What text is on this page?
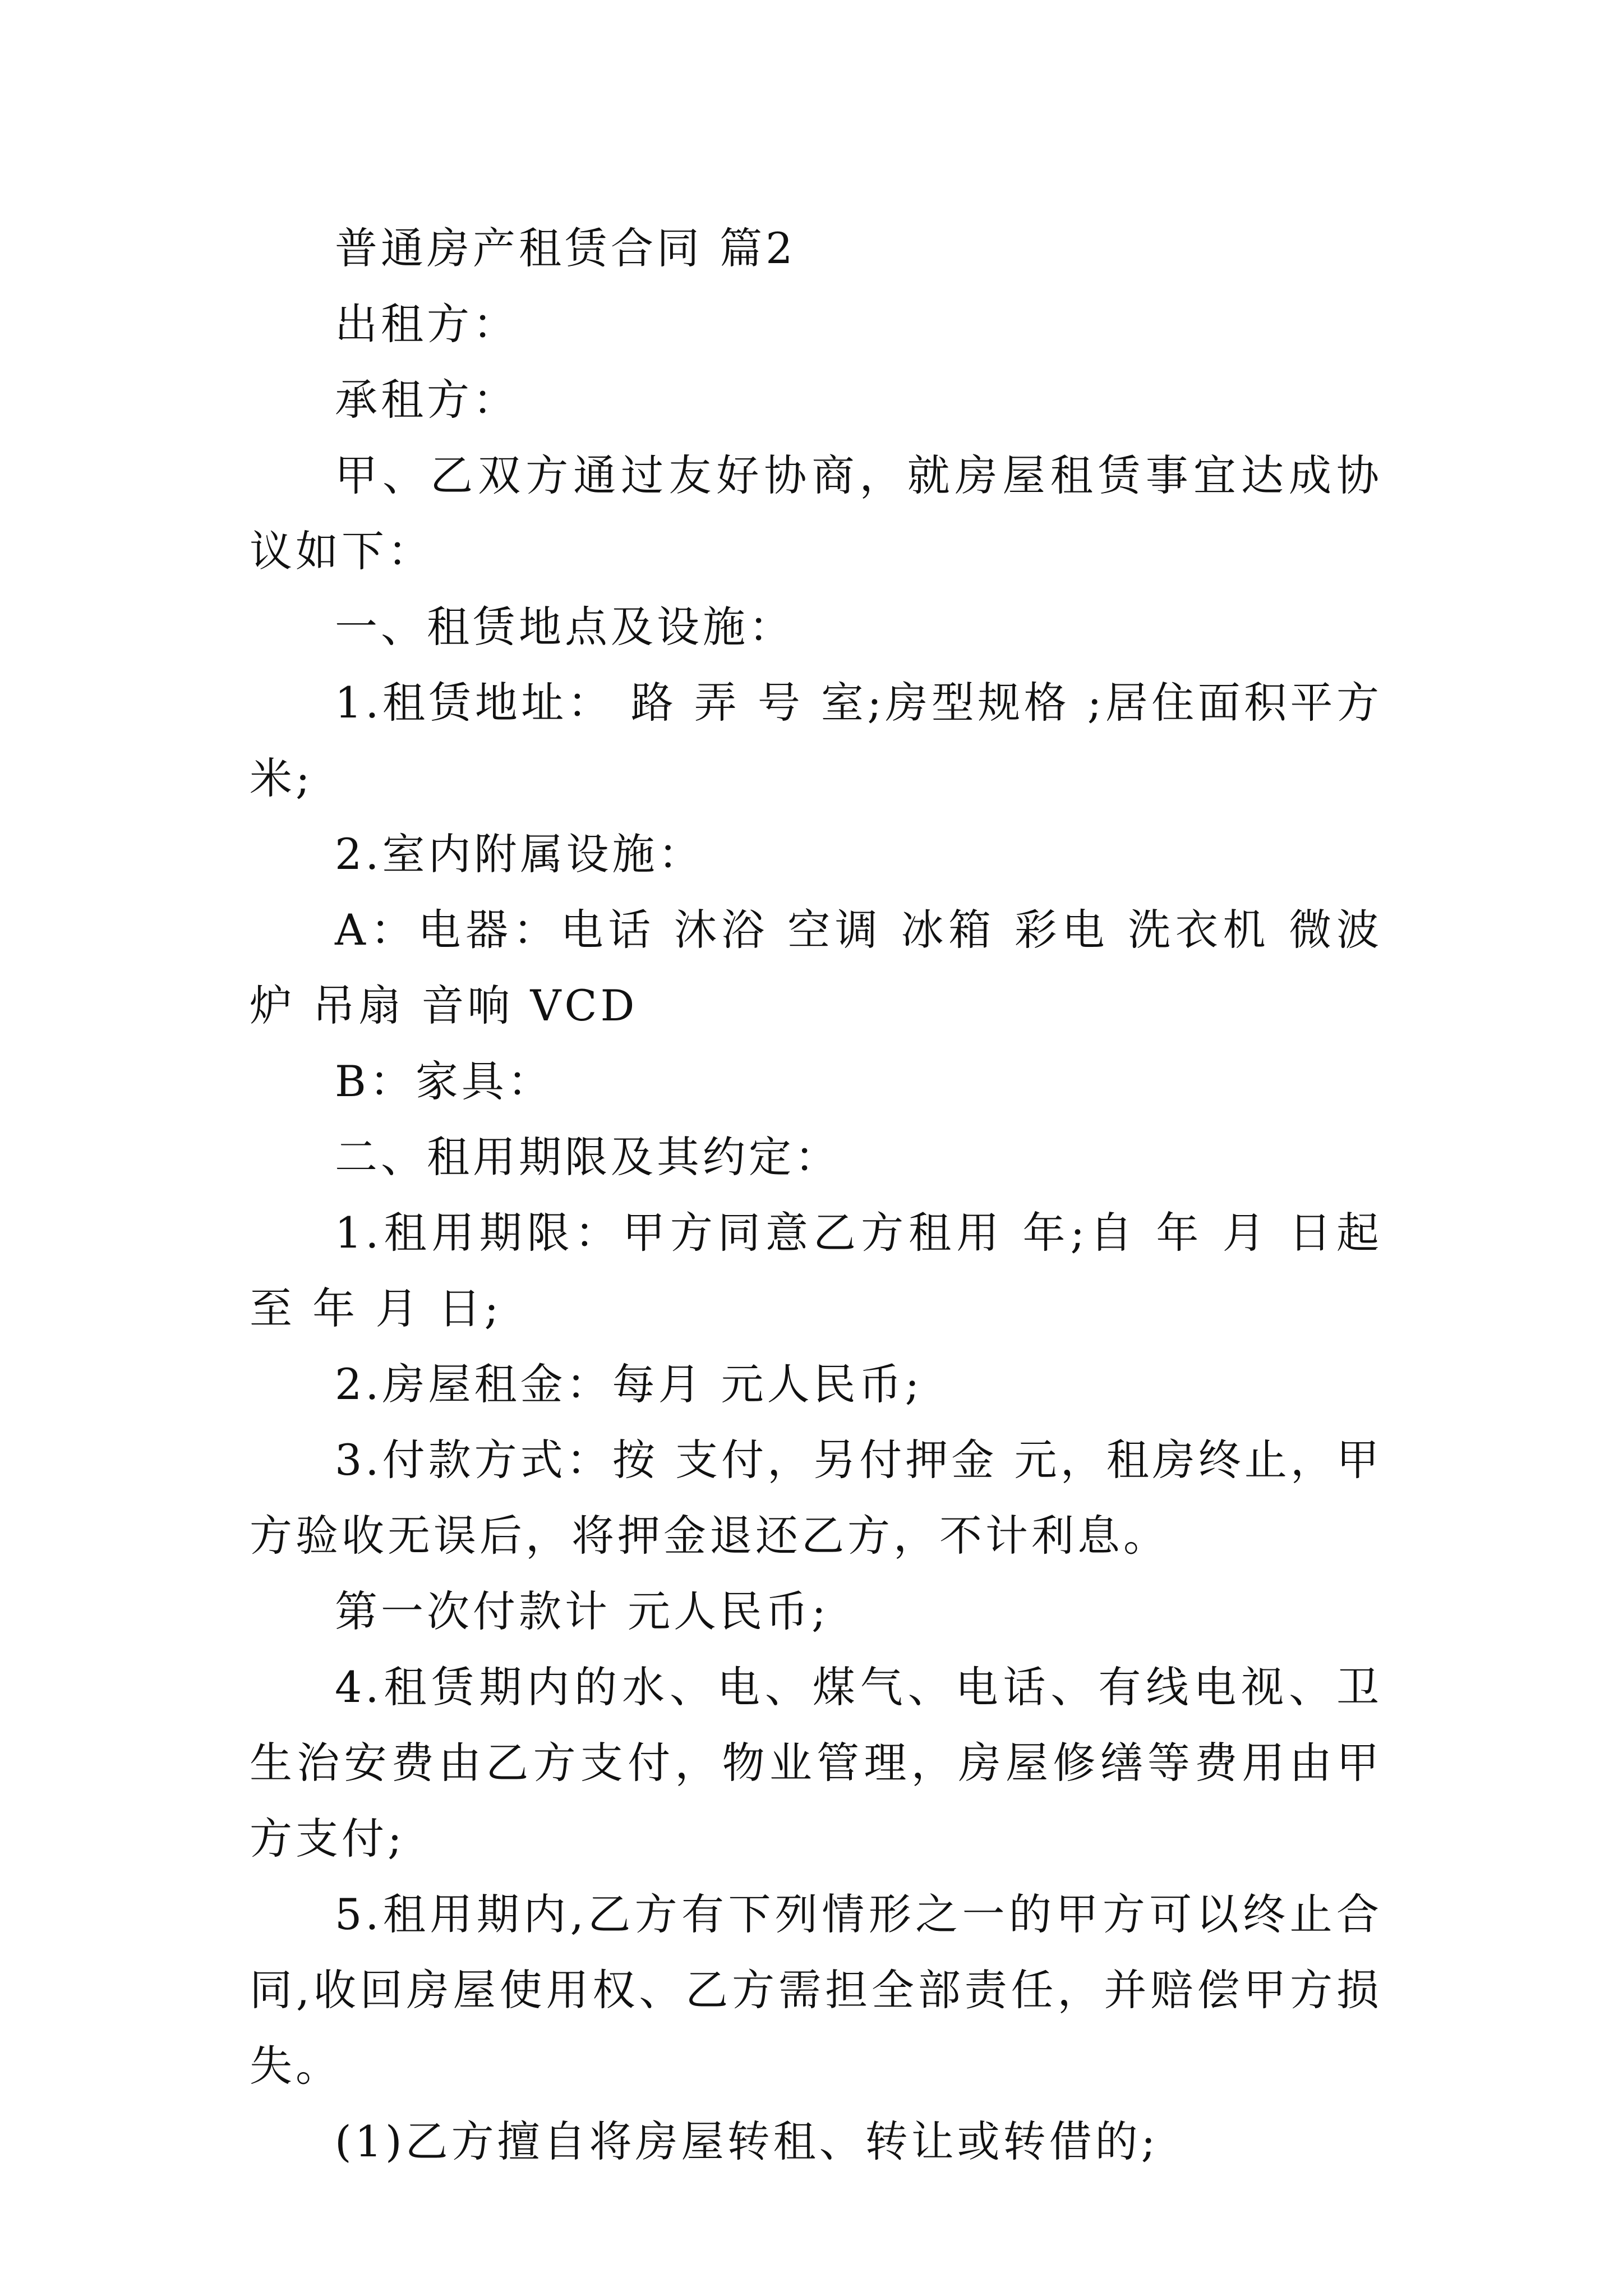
普通房产租赁合同 篇2

出租方：

承租方：

甲、乙双方通过友好协商，就房屋租赁事宜达成协议如下：

一、租赁地点及设施：

1.租赁地址： 路 弄 号 室;房型规格 ;居住面积平方米;

2.室内附属设施：

A：电器：电话 沐浴 空调 冰箱 彩电 洗衣机 微波炉 吊扇 音响 VCD

B：家具：

二、租用期限及其约定：

1.租用期限：甲方同意乙方租用 年;自 年 月 日起至 年 月 日;

2.房屋租金：每月 元人民币;

3.付款方式：按 支付，另付押金 元，租房终止，甲方验收无误后，将押金退还乙方，不计利息。

第一次付款计 元人民币;

4.租赁期内的水、电、煤气、电话、有线电视、卫生治安费由乙方支付，物业管理，房屋修缮等费用由甲方支付;

5.租用期内,乙方有下列情形之一的甲方可以终止合同,收回房屋使用权、乙方需担全部责任，并赔偿甲方损失。

(1)乙方擅自将房屋转租、转让或转借的;
